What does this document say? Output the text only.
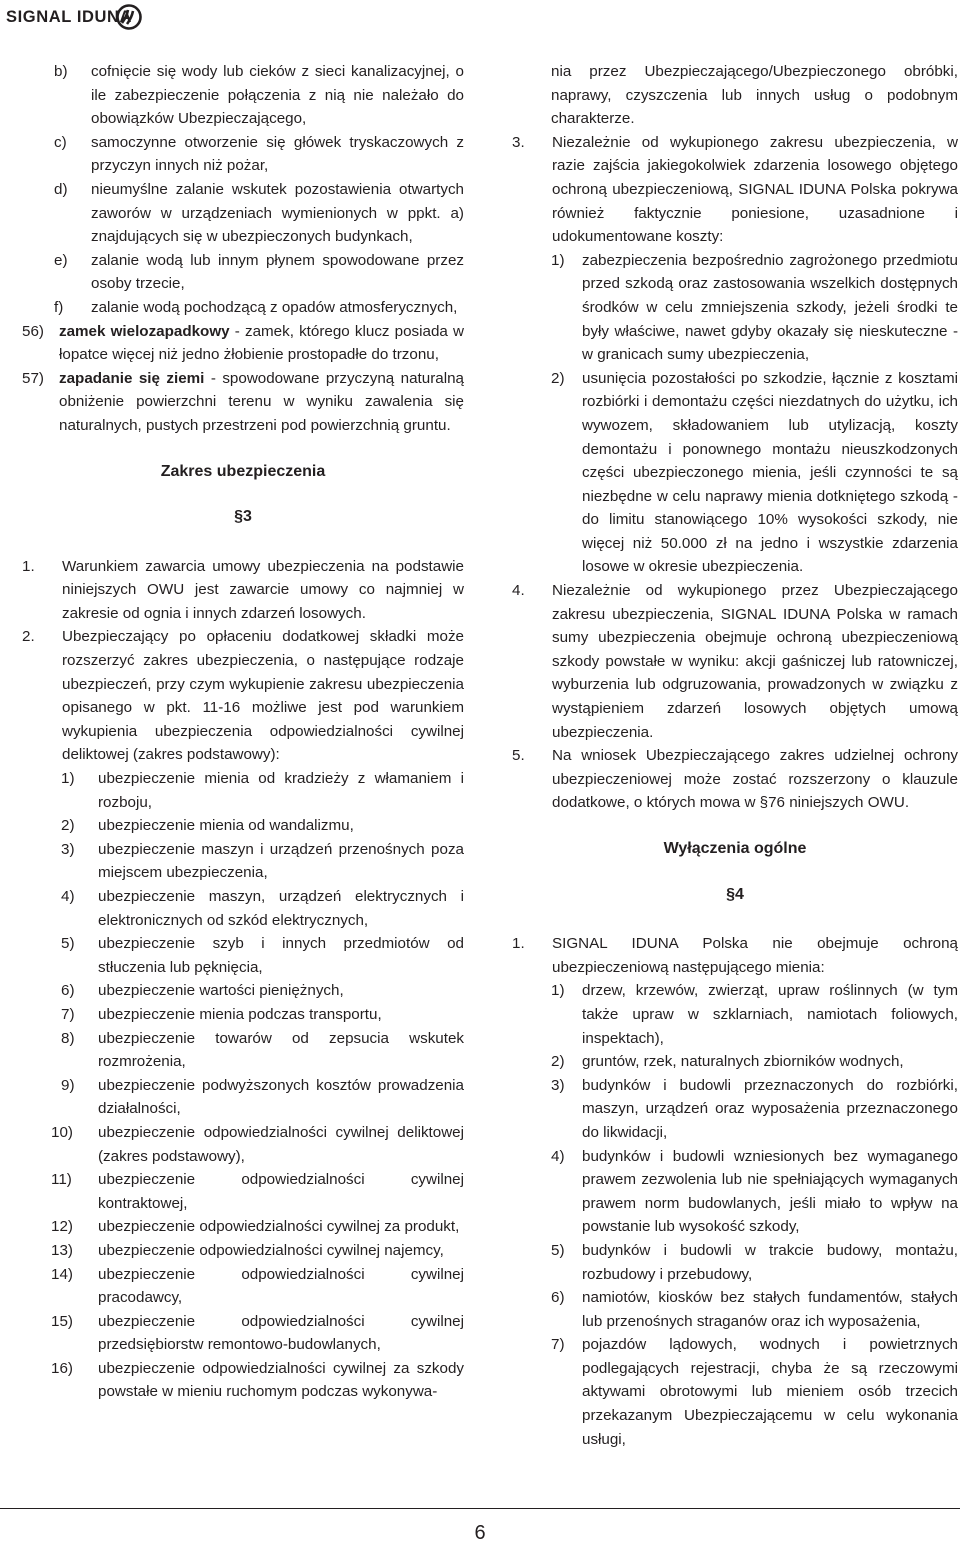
SIGNAL IDUNA
b)	cofnięcie się wody lub cieków z sieci kanalizacyjnej, o ile zabezpieczenie połączenia z nią nie należało do obowiązków Ubezpieczającego,
c)	samoczynne otworzenie się główek tryskaczowych z przyczyn innych niż pożar,
d)	nieumyślne zalanie wskutek pozostawienia otwartych zaworów w urządzeniach wymienionych w ppkt. a) znajdujących się w ubezpieczonych budynkach,
e)	zalanie wodą lub innym płynem spowodowane przez osoby trzecie,
f)	zalanie wodą pochodzącą z opadów atmosferycznych,
56) zamek wielozapadkowy - zamek, którego klucz posiada w łopatce więcej niż jedno żłobienie prostopadłe do trzonu,
57) zapadanie się ziemi - spowodowane przyczyną naturalną obniżenie powierzchni terenu w wyniku zawalenia się naturalnych, pustych przestrzeni pod powierzchnią gruntu.
Zakres ubezpieczenia
§3
1.	Warunkiem zawarcia umowy ubezpieczenia na podstawie niniejszych OWU jest zawarcie umowy co najmniej w zakresie od ognia i innych zdarzeń losowych.
2.	Ubezpieczający po opłaceniu dodatkowej składki może rozszerzyć zakres ubezpieczenia, o następujące rodzaje ubezpieczeń, przy czym wykupienie zakresu ubezpieczenia opisanego w pkt. 11-16 możliwe jest pod warunkiem wykupienia ubezpieczenia odpowiedzialności cywilnej deliktowej (zakres podstawowy):
1)	ubezpieczenie mienia od kradzieży z włamaniem i rozboju,
2)	ubezpieczenie mienia od wandalizmu,
3)	ubezpieczenie maszyn i urządzeń przenośnych poza miejscem ubezpieczenia,
4)	ubezpieczenie maszyn, urządzeń elektrycznych i elektronicznych od szkód elektrycznych,
5)	ubezpieczenie szyb i innych przedmiotów od stłuczenia lub pęknięcia,
6)	ubezpieczenie wartości pieniężnych,
7)	ubezpieczenie mienia podczas transportu,
8)	ubezpieczenie towarów od zepsucia wskutek rozmrożenia,
9)	ubezpieczenie podwyższonych kosztów prowadzenia działalności,
10)	ubezpieczenie odpowiedzialności cywilnej deliktowej (zakres podstawowy),
11)	ubezpieczenie odpowiedzialności cywilnej kontraktowej,
12)	ubezpieczenie odpowiedzialności cywilnej za produkt,
13)	ubezpieczenie odpowiedzialności cywilnej najemcy,
14)	ubezpieczenie odpowiedzialności cywilnej pracodawcy,
15)	ubezpieczenie odpowiedzialności cywilnej przedsiębiorstw remontowo-budowlanych,
16)	ubezpieczenie odpowiedzialności cywilnej za szkody powstałe w mieniu ruchomym podczas wykonywa-
nia przez Ubezpieczającego/Ubezpieczonego obróbki, naprawy, czyszczenia lub innych usług o podobnym charakterze.
3.	Niezależnie od wykupionego zakresu ubezpieczenia, w razie zajścia jakiegokolwiek zdarzenia losowego objętego ochroną ubezpieczeniową, SIGNAL IDUNA Polska pokrywa również faktycznie poniesione, uzasadnione i udokumentowane koszty:
1)	zabezpieczenia bezpośrednio zagrożonego przedmiotu przed szkodą oraz zastosowania wszelkich dostępnych środków w celu zmniejszenia szkody, jeżeli środki te były właściwe, nawet gdyby okazały się nieskuteczne - w granicach sumy ubezpieczenia,
2)	usunięcia pozostałości po szkodzie, łącznie z kosztami rozbiórki i demontażu części niezdatnych do użytku, ich wywozem, składowaniem lub utylizacją, koszty demontażu i ponownego montażu nieuszkodzonych części ubezpieczonego mienia, jeśli czynności te są niezbędne w celu naprawy mienia dotkniętego szkodą - do limitu stanowiącego 10% wysokości szkody, nie więcej niż 50.000 zł na jedno i wszystkie zdarzenia losowe w okresie ubezpieczenia.
4.	Niezależnie od wykupionego przez Ubezpieczającego zakresu ubezpieczenia, SIGNAL IDUNA Polska w ramach sumy ubezpieczenia obejmuje ochroną ubezpieczeniową szkody powstałe w wyniku: akcji gaśniczej lub ratowniczej, wyburzenia lub odgruzowania, prowadzonych w związku z wystąpieniem zdarzeń losowych objętych umową ubezpieczenia.
5.	Na wniosek Ubezpieczającego zakres udzielnej ochrony ubezpieczeniowej może zostać rozszerzony o klauzule dodatkowe, o których mowa w §76 niniejszych OWU.
Wyłączenia ogólne
§4
1.	SIGNAL IDUNA Polska nie obejmuje ochroną ubezpieczeniową następującego mienia:
1)	drzew, krzewów, zwierząt, upraw roślinnych (w tym także upraw w szklarniach, namiotach foliowych, inspektach),
2)	gruntów, rzek, naturalnych zbiorników wodnych,
3)	budynków i budowli przeznaczonych do rozbiórki, maszyn, urządzeń oraz wyposażenia przeznaczonego do likwidacji,
4)	budynków i budowli wzniesionych bez wymaganego prawem zezwolenia lub nie spełniających wymaganych prawem norm budowlanych, jeśli miało to wpływ na powstanie lub wysokość szkody,
5)	budynków i budowli w trakcie budowy, montażu, rozbudowy i przebudowy,
6)	namiotów, kiosków bez stałych fundamentów, stałych lub przenośnych straganów oraz ich wyposażenia,
7)	pojazdów lądowych, wodnych i powietrznych podlegających rejestracji, chyba że są rzeczowymi aktywami obrotowymi lub mieniem osób trzecich przekazanym Ubezpieczającemu w celu wykonania usługi,
6
